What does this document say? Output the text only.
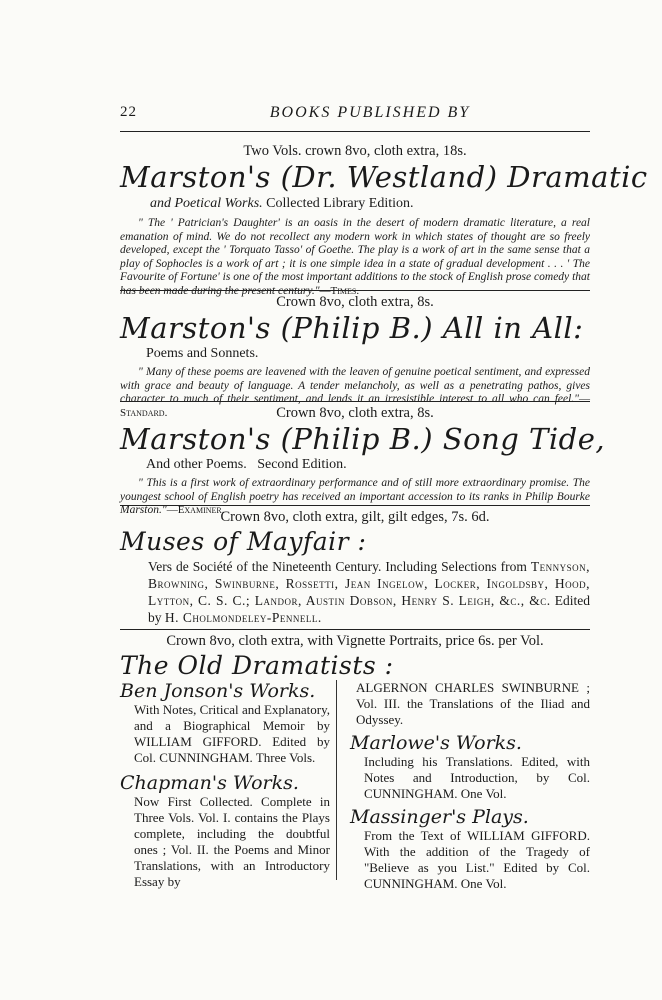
22	BOOKS PUBLISHED BY
Two Vols. crown 8vo, cloth extra, 18s.
Marston's (Dr. Westland) Dramatic
and Poetical Works. Collected Library Edition.
" The ' Patrician's Daughter' is an oasis in the desert of modern dramatic literature, a real emanation of mind. We do not recollect any modern work in which states of thought are so freely developed, except the ' Torquato Tasso' of Goethe. The play is a work of art in the same sense that a play of Sophocles is a work of art ; it is one simple idea in a state of gradual development . . . ' The Favourite of Fortune' is one of the most important additions to the stock of English prose comedy that has been made during the present century."—Times.
Crown 8vo, cloth extra, 8s.
Marston's (Philip B.) All in All:
Poems and Sonnets.
" Many of these poems are leavened with the leaven of genuine poetical sentiment, and expressed with grace and beauty of language. A tender melancholy, as well as a penetrating pathos, gives character to much of their sentiment, and lends it an irresistible interest to all who can feel."—Standard.	Crown 8vo, cloth extra, 8s.
Marston's (Philip B.) Song Tide,
And other Poems.   Second Edition.
" This is a first work of extraordinary performance and of still more extraordinary promise. The youngest school of English poetry has received an important accession to its ranks in Philip Bourke Marston."—Examiner.
Crown 8vo, cloth extra, gilt, gilt edges, 7s. 6d.
Muses of Mayfair :
Vers de Société of the Nineteenth Century. Including Selections from Tennyson, Browning, Swinburne, Rossetti, Jean Ingelow, Locker, Ingoldsby, Hood, Lytton, C. S. C.; Landor, Austin Dobson, Henry S. Leigh, &c., &c. Edited by H. Cholmondeley-Pennell.
Crown 8vo, cloth extra, with Vignette Portraits, price 6s. per Vol.
The Old Dramatists :
Ben Jonson's Works.
With Notes, Critical and Explanatory, and a Biographical Memoir by WILLIAM GIFFORD. Edited by Col. CUNNINGHAM. Three Vols.
Chapman's Works.
Now First Collected. Complete in Three Vols. Vol. I. contains the Plays complete, including the doubtful ones ; Vol. II. the Poems and Minor Translations, with an Introductory Essay by
ALGERNON CHARLES SWINBURNE ; Vol. III. the Translations of the Iliad and Odyssey.
Marlowe's Works.
Including his Translations. Edited, with Notes and Introduction, by Col. CUNNINGHAM. One Vol.
Massinger's Plays.
From the Text of WILLIAM GIFFORD. With the addition of the Tragedy of "Believe as you List." Edited by Col. CUNNINGHAM. One Vol.
